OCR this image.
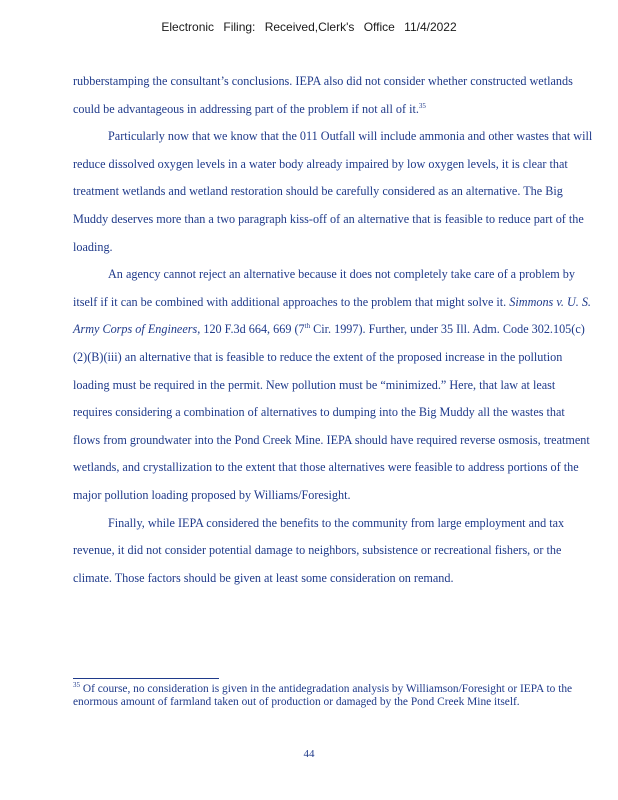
Electronic Filing: Received,Clerk's Office 11/4/2022

rubberstamping the consultant’s conclusions. IEPA also did not consider whether constructed wetlands could be advantageous in addressing part of the problem if not all of it.$^{35}$

Particularly now that we know that the 011 Outfall will include ammonia and other wastes that will reduce dissolved oxygen levels in a water body already impaired by low oxygen levels, it is clear that treatment wetlands and wetland restoration should be carefully considered as an alternative. The Big Muddy deserves more than a two paragraph kiss-off of an alternative that is feasible to reduce part of the loading.

An agency cannot reject an alternative because it does not completely take care of a problem by itself if it can be combined with additional approaches to the problem that might solve it. Simmons v. U. S. Army Corps of Engineers, 120 F.3d 664, 669 (7th Cir. 1997). Further, under 35 Ill. Adm. Code 302.105(c)(2)(B)(iii) an alternative that is feasible to reduce the extent of the proposed increase in the pollution loading must be required in the permit. New pollution must be “minimized.” Here, that law at least requires considering a combination of alternatives to dumping into the Big Muddy all the wastes that flows from groundwater into the Pond Creek Mine. IEPA should have required reverse osmosis, treatment wetlands, and crystallization to the extent that those alternatives were feasible to address portions of the major pollution loading proposed by Williams/Foresight.

Finally, while IEPA considered the benefits to the community from large employment and tax revenue, it did not consider potential damage to neighbors, subsistence or recreational fishers, or the climate. Those factors should be given at least some consideration on remand.

$^{35}$ Of course, no consideration is given in the antidegradation analysis by Williamson/Foresight or IEPA to the enormous amount of farmland taken out of production or damaged by the Pond Creek Mine itself.
44
